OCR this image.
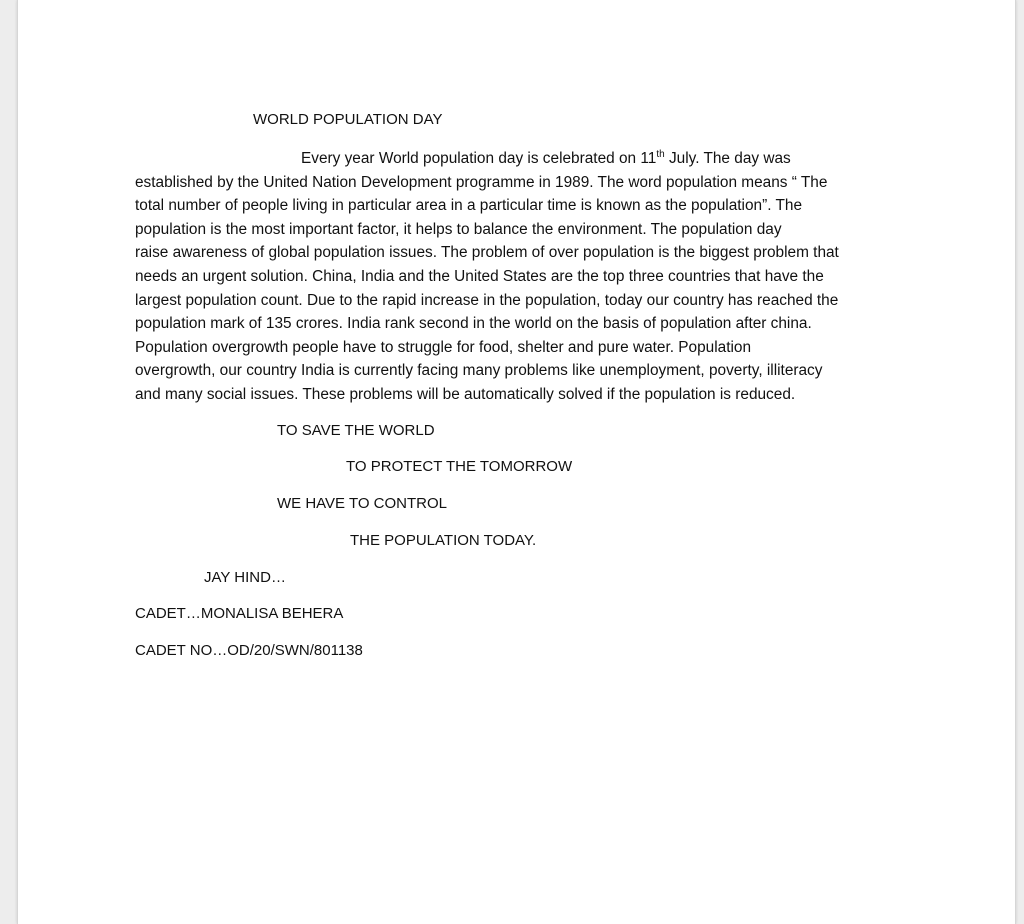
WORLD POPULATION DAY
Every year World population day is celebrated on 11th July. The day was
established by the United Nation Development programme in 1989. The word population means “ The
total number of people living in particular area in a particular time is known as the population”. The
population is the most important factor, it helps to balance the environment. The population day
raise awareness of global population issues. The problem of over population is the biggest problem that
needs an urgent solution. China, India and the United States are the top three countries that have the
largest population count. Due to the rapid increase in the population, today our country has reached the
population mark of 135 crores. India rank second in the world on the basis of population after china.
Population overgrowth people have to struggle for food, shelter and pure water. Population
overgrowth, our country India is currently facing many problems like unemployment, poverty, illiteracy
and many social issues. These problems will be automatically solved if the population is reduced.
TO SAVE THE WORLD
TO PROTECT THE TOMORROW
WE HAVE TO CONTROL
THE POPULATION TODAY.
JAY HIND…
CADET…MONALISA BEHERA
CADET NO…OD/20/SWN/801138
